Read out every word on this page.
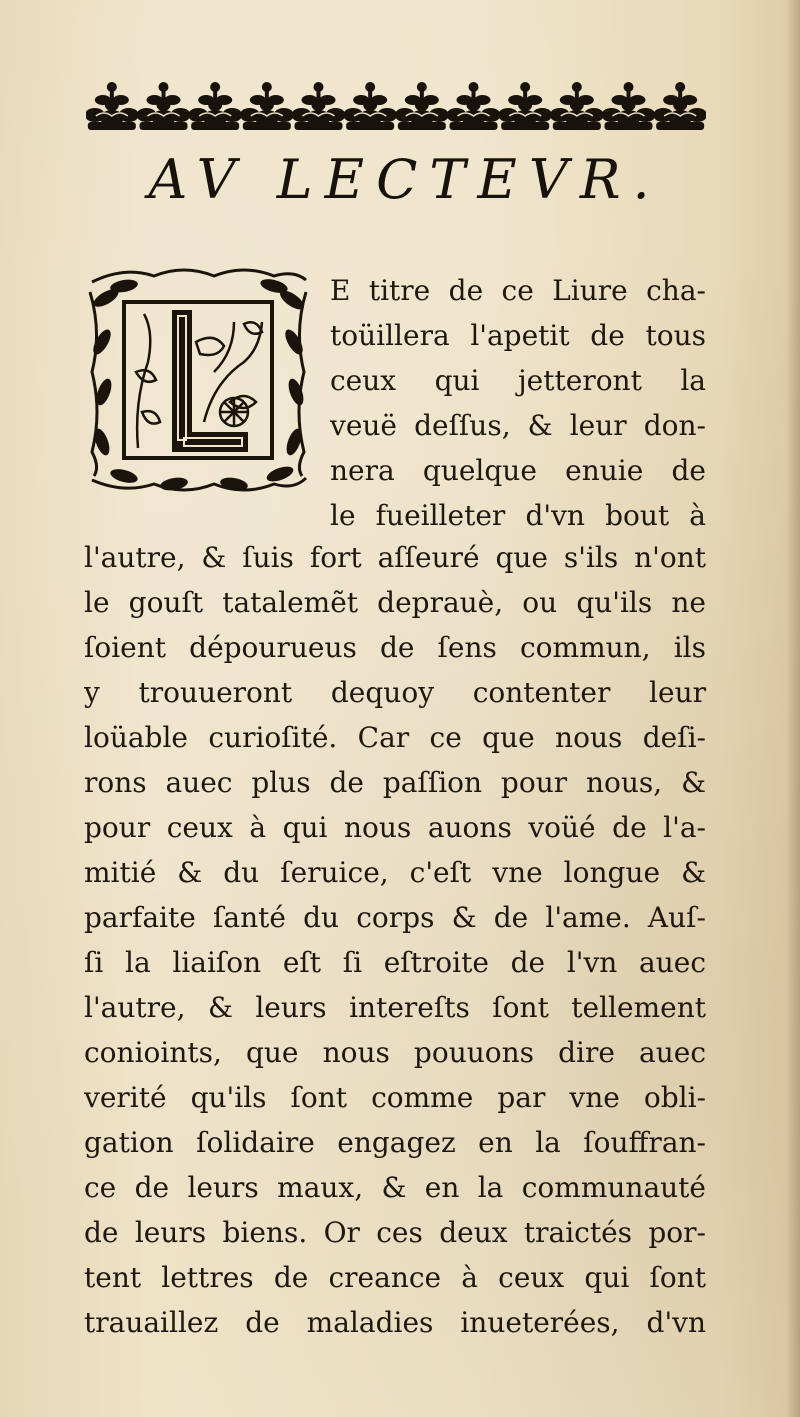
AV LECTEVR.
E titre de ce Liure cha-
toüillera l'apetit de tous
ceux qui jetteront la
veuë deſſus, & leur don-
nera quelque enuie de
le fueilleter d'vn bout à
l'autre, & ſuis fort aſſeuré que s'ils n'ont
le gouſt tatalemẽt deprauè, ou qu'ils ne
ſoient dépourueus de ſens commun, ils
y trouueront dequoy contenter leur
loüable curioſité. Car ce que nous deſi-
rons auec plus de paſſion pour nous, &
pour ceux à qui nous auons voüé de l'a-
mitié & du ſeruice, c'eſt vne longue &
parfaite ſanté du corps & de l'ame. Auſ-
ſi la liaiſon eſt ſi eſtroite de l'vn auec
l'autre, & leurs intereſts ſont tellement
conioints, que nous pouuons dire auec
verité qu'ils ſont comme par vne obli-
gation ſolidaire engagez en la ſouffran-
ce de leurs maux, & en la communauté
de leurs biens. Or ces deux traictés por-
tent lettres de creance à ceux qui ſont
trauaillez de maladies inueterées, d'vn
